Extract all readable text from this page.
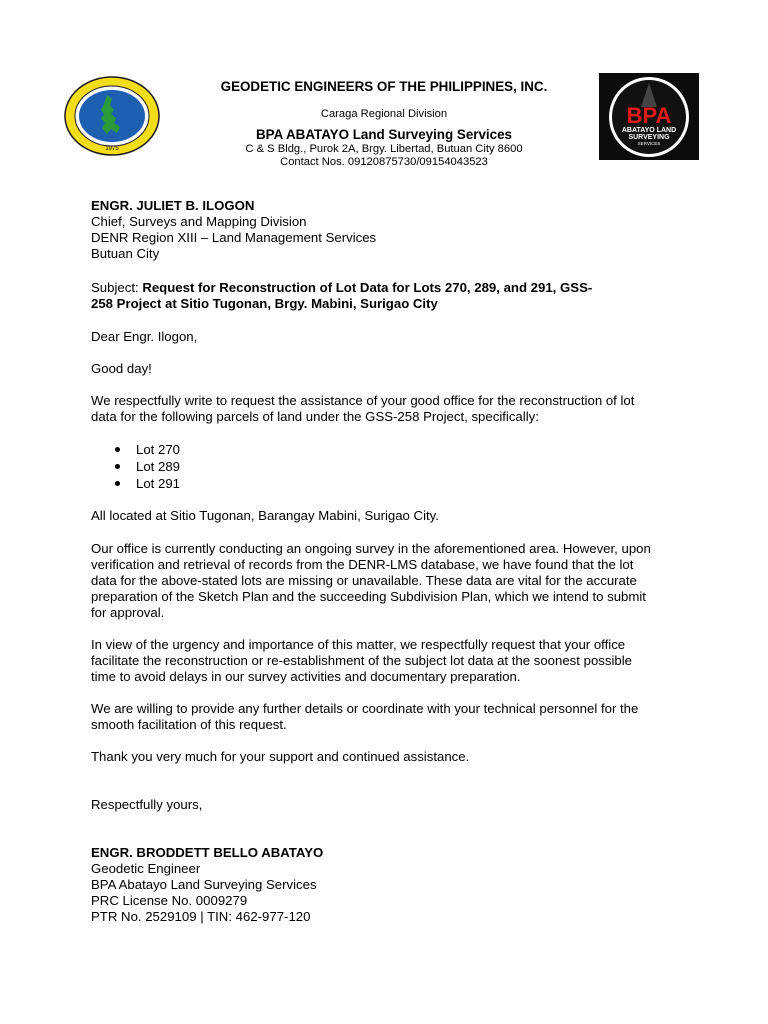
1975
BPA
ABATAYO LAND
SURVEYING
SERVICES
GEODETIC ENGINEERS OF THE PHILIPPINES, INC.
Caraga Regional Division
BPA ABATAYO Land Surveying Services
C & S Bldg., Purok 2A, Brgy. Libertad, Butuan City 8600
Contact Nos. 09120875730/09154043523
ENGR. JULIET B. ILOGON
Chief, Surveys and Mapping Division
DENR Region XIII – Land Management Services
Butuan City
Subject: Request for Reconstruction of Lot Data for Lots 270, 289, and 291, GSS-
258 Project at Sitio Tugonan, Brgy. Mabini, Surigao City
Dear Engr. Ilogon,
Good day!
We respectfully write to request the assistance of your good office for the reconstruction of lot
data for the following parcels of land under the GSS-258 Project, specifically:
Lot 270
Lot 289
Lot 291
All located at Sitio Tugonan, Barangay Mabini, Surigao City.
Our office is currently conducting an ongoing survey in the aforementioned area. However, upon
verification and retrieval of records from the DENR-LMS database, we have found that the lot
data for the above-stated lots are missing or unavailable. These data are vital for the accurate
preparation of the Sketch Plan and the succeeding Subdivision Plan, which we intend to submit
for approval.
In view of the urgency and importance of this matter, we respectfully request that your office
facilitate the reconstruction or re-establishment of the subject lot data at the soonest possible
time to avoid delays in our survey activities and documentary preparation.
We are willing to provide any further details or coordinate with your technical personnel for the
smooth facilitation of this request.
Thank you very much for your support and continued assistance.
Respectfully yours,
ENGR. BRODDETT BELLO ABATAYO
Geodetic Engineer
BPA Abatayo Land Surveying Services
PRC License No. 0009279
PTR No. 2529109 | TIN: 462-977-120
